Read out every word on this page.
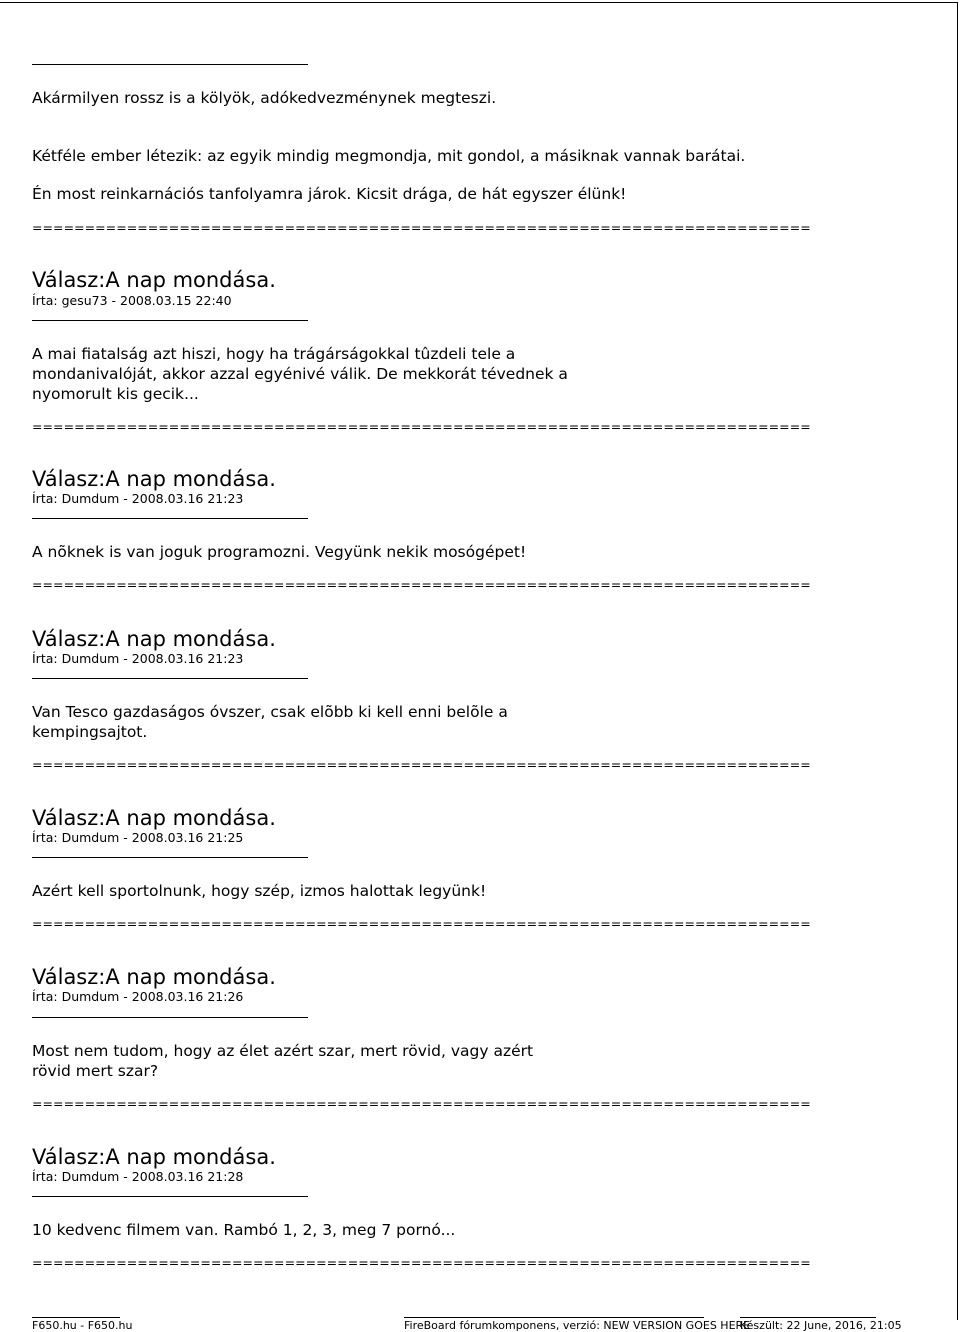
Akármilyen rossz is a kölyök, adókedvezménynek megteszi.
Kétféle ember létezik: az egyik mindig megmondja, mit gondol, a másiknak vannak barátai.
Én most reinkarnációs tanfolyamra járok. Kicsit drága, de hát egyszer élünk!
==========================================================================
Válasz:A nap mondása.
Írta: gesu73 - 2008.03.15 22:40
A mai fiatalság azt hiszi, hogy ha trágárságokkal tûzdeli tele a
mondanivalóját, akkor azzal egyénivé válik. De mekkorát tévednek a
nyomorult kis gecik...
==========================================================================
Válasz:A nap mondása.
Írta: Dumdum - 2008.03.16 21:23
A nõknek is van joguk programozni. Vegyünk nekik mosógépet!
==========================================================================
Válasz:A nap mondása.
Írta: Dumdum - 2008.03.16 21:23
Van Tesco gazdaságos óvszer, csak elõbb ki kell enni belõle a
kempingsajtot.
==========================================================================
Válasz:A nap mondása.
Írta: Dumdum - 2008.03.16 21:25
Azért kell sportolnunk, hogy szép, izmos halottak legyünk!
==========================================================================
Válasz:A nap mondása.
Írta: Dumdum - 2008.03.16 21:26
Most nem tudom, hogy az élet azért szar, mert rövid, vagy azért
rövid mert szar?
==========================================================================
Válasz:A nap mondása.
Írta: Dumdum - 2008.03.16 21:28
10 kedvenc filmem van. Rambó 1, 2, 3, meg 7 pornó...
==========================================================================
F650.hu - F650.hu	FireBoard fórumkomponens, verzió: NEW VERSION GOES HERE
Készült: 22 June, 2016, 21:05
